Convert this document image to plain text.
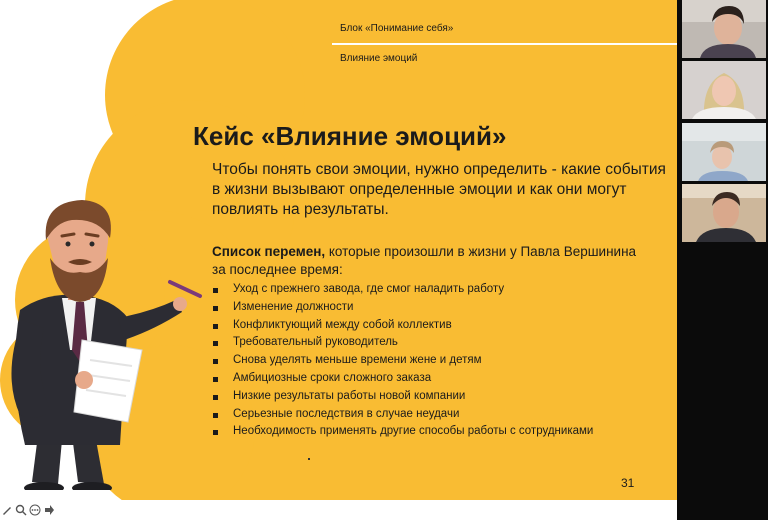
Блок «Понимание себя»
Влияние эмоций
Кейс «Влияние эмоций»
Чтобы понять свои эмоции, нужно определить - какие события в жизни вызывают определенные эмоции и как они могут повлиять на результаты.
Список перемен, которые произошли в жизни у Павла Вершинина за последнее время:
Уход с прежнего завода, где смог наладить работу
Изменение должности
Конфликтующий между собой коллектив
Требовательный руководитель
Снова уделять меньше времени жене и детям
Амбициозные сроки сложного заказа
Низкие результаты работы новой компании
Серьезные последствия в случае неудачи
Необходимость применять другие способы работы с сотрудниками
31
